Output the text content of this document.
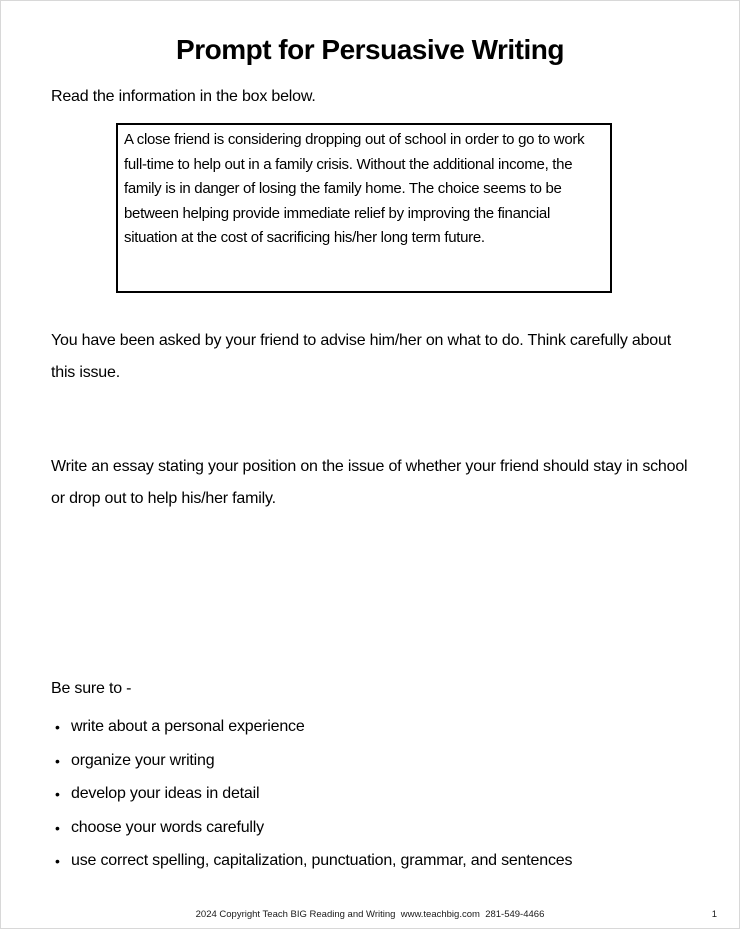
Prompt for Persuasive Writing
Read the information in the box below.
A close friend is considering dropping out of school in order to go to work full-time to help out in a family crisis. Without the additional income, the family is in danger of losing the family home. The choice seems to be between helping provide immediate relief by improving the financial situation at the cost of sacrificing his/her long term future.
You have been asked by your friend to advise him/her on what to do. Think carefully about this issue.
Write an essay stating your position on the issue of whether your friend should stay in school or drop out to help his/her family.
Be sure to -
• write about a personal experience
• organize your writing
• develop your ideas in detail
• choose your words carefully
• use correct spelling, capitalization, punctuation, grammar, and sentences
2024 Copyright Teach BIG Reading and Writing  www.teachbig.com  281-549-4466	1
